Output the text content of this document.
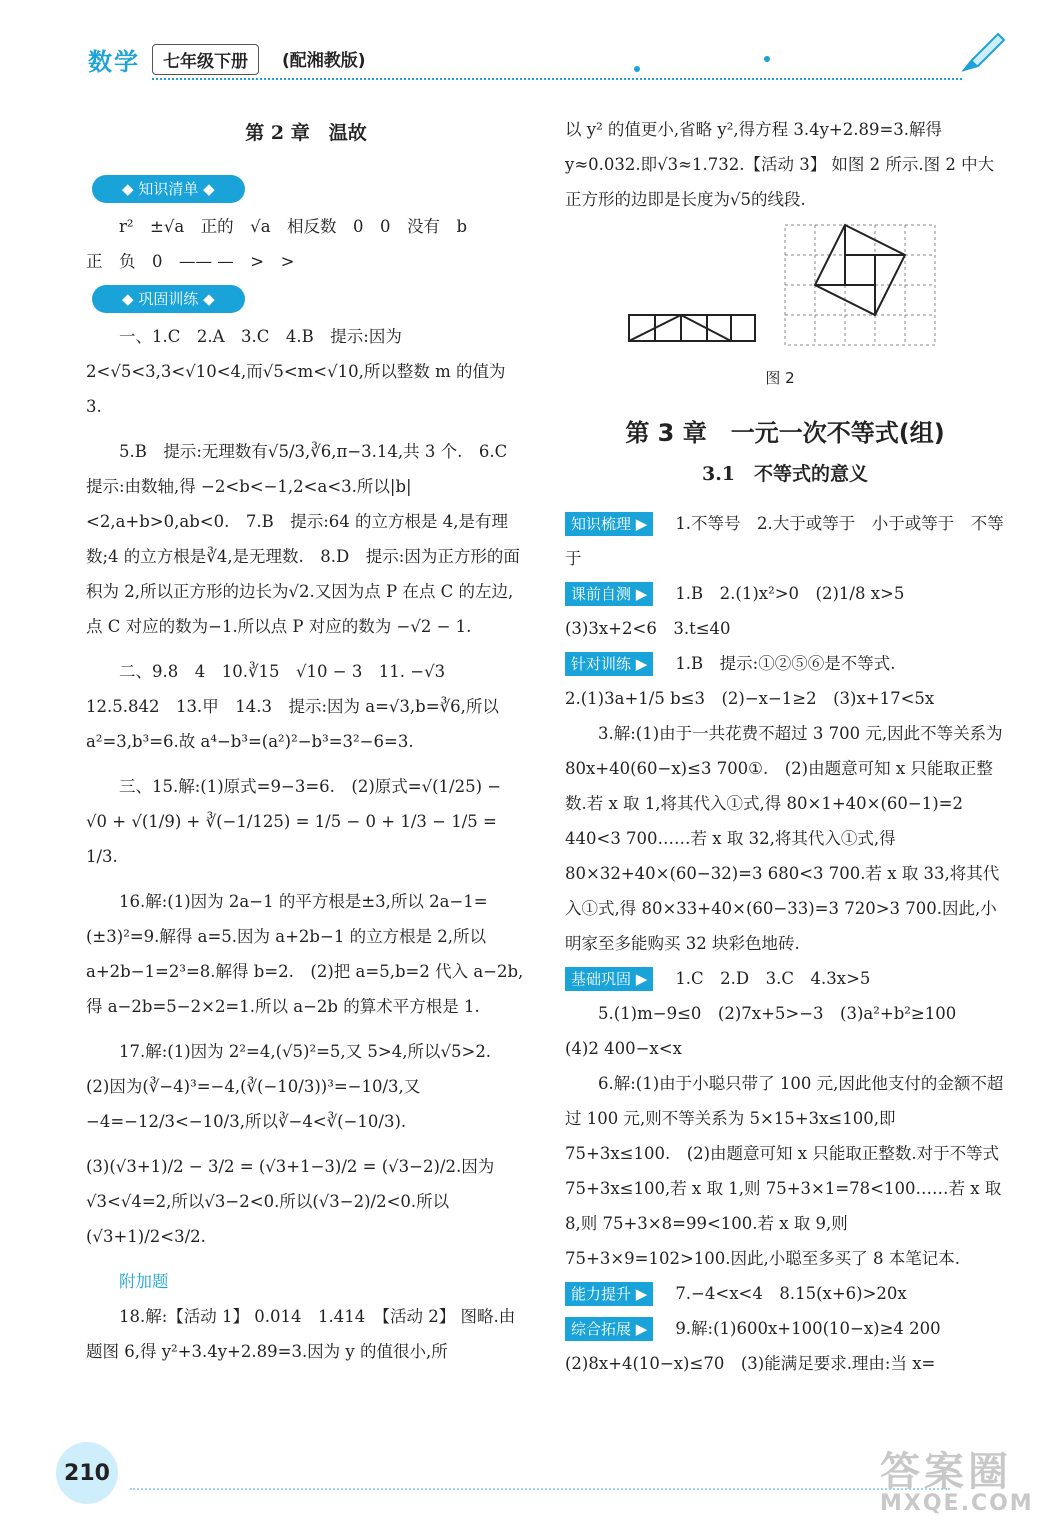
数学	七年级下册	(配湘教版)

第 2 章　温故

◆ 知识清单 ◆

r²　±√a　正的　√a　相反数　0　0　没有　b

正　负　0　—— —　>　>

◆ 巩固训练 ◆

一、1.C　2.A　3.C　4.B　提示:因为 2<√5<3,3<√10<4,而√5<m<√10,所以整数 m 的值为 3.

5.B　提示:无理数有√5/3,∛6,π−3.14,共 3 个.　6.C　提示:由数轴,得 −2<b<−1,2<a<3.所以|b|<2,a+b>0,ab<0.　7.B　提示:64 的立方根是 4,是有理数;4 的立方根是∛4,是无理数.　8.D　提示:因为正方形的面积为 2,所以正方形的边长为√2.又因为点 P 在点 C 的左边,点 C 对应的数为−1.所以点 P 对应的数为 −√2 − 1.

二、9.8　4　10.∛15　√10 − 3　11. −√3

12.5.842　13.甲　14.3　提示:因为 a=√3,b=∛6,所以 a²=3,b³=6.故 a⁴−b³=(a²)²−b³=3²−6=3.

三、15.解:(1)原式=9−3=6.　(2)原式=√(1/25) − √0 + √(1/9) + ∛(−1/125) = 1/5 − 0 + 1/3 − 1/5 = 1/3.

16.解:(1)因为 2a−1 的平方根是±3,所以 2a−1=(±3)²=9.解得 a=5.因为 a+2b−1 的立方根是 2,所以 a+2b−1=2³=8.解得 b=2.　(2)把 a=5,b=2 代入 a−2b,得 a−2b=5−2×2=1.所以 a−2b 的算术平方根是 1.

17.解:(1)因为 2²=4,(√5)²=5,又 5>4,所以√5>2.　(2)因为(∛−4)³=−4,(∛(−10/3))³=−10/3,又 −4=−12/3<−10/3,所以∛−4<∛(−10/3).

(3)(√3+1)/2 − 3/2 = (√3+1−3)/2 = (√3−2)/2.因为√3<√4=2,所以√3−2<0.所以(√3−2)/2<0.所以(√3+1)/2<3/2.

附加题

18.解:【活动 1】 0.014　1.414　【活动 2】 图略.由题图 6,得 y²+3.4y+2.89=3.因为 y 的值很小,所

以 y² 的值更小,省略 y²,得方程 3.4y+2.89=3.解得 y≈0.032.即√3≈1.732.【活动 3】 如图 2 所示.图 2 中大正方形的边即是长度为√5的线段.

图 2

第 3 章　一元一次不等式(组)

3.1　不等式的意义

知识梳理 ▶ 1.不等号　2.大于或等于　小于或等于　不等于

课前自测 ▶ 1.B　2.(1)x²>0　(2)1/8 x>5　(3)3x+2<6　3.t≤40

针对训练 ▶ 1.B　提示:①②⑤⑥是不等式.

2.(1)3a+1/5 b≤3　(2)−x−1≥2　(3)x+17<5x

3.解:(1)由于一共花费不超过 3 700 元,因此不等关系为 80x+40(60−x)≤3 700①.　(2)由题意可知 x 只能取正整数.若 x 取 1,将其代入①式,得 80×1+40×(60−1)=2 440<3 700……若 x 取 32,将其代入①式,得 80×32+40×(60−32)=3 680<3 700.若 x 取 33,将其代入①式,得 80×33+40×(60−33)=3 720>3 700.因此,小明家至多能购买 32 块彩色地砖.

基础巩固 ▶ 1.C　2.D　3.C　4.3x>5

5.(1)m−9≤0　(2)7x+5>−3　(3)a²+b²≥100　(4)2 400−x<x

6.解:(1)由于小聪只带了 100 元,因此他支付的金额不超过 100 元,则不等关系为 5×15+3x≤100,即 75+3x≤100.　(2)由题意可知 x 只能取正整数.对于不等式 75+3x≤100,若 x 取 1,则 75+3×1=78<100……若 x 取 8,则 75+3×8=99<100.若 x 取 9,则 75+3×9=102>100.因此,小聪至多买了 8 本笔记本.

能力提升 ▶ 7.−4<x<4　8.15(x+6)>20x

综合拓展 ▶ 9.解:(1)600x+100(10−x)≥4 200　(2)8x+4(10−x)≤70　(3)能满足要求.理由:当 x=

210	答案圈
MXQE.COM
